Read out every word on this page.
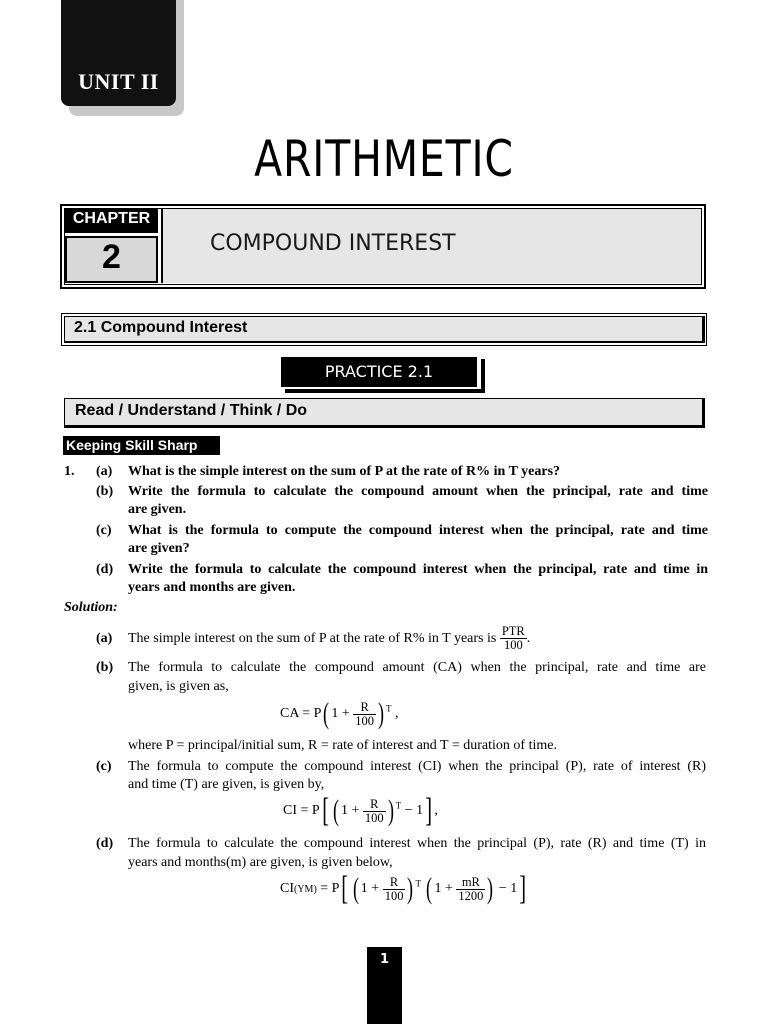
UNIT II
ARITHMETIC
CHAPTER
2	COMPOUND INTEREST
2.1 Compound Interest
PRACTICE 2.1
Read / Understand / Think / Do
Keeping Skill Sharp
1. (a) What is the simple interest on the sum of P at the rate of R% in T years?
(b) Write the formula to calculate the compound amount when the principal, rate and time
are given.
(c) What is the formula to compute the compound interest when the principal, rate and time
are given?
(d) Write the formula to calculate the compound interest when the principal, rate and time in
years and months are given.
Solution:
(a) The simple interest on the sum of P at the rate of R% in T years is $\frac{\text{PTR}}{100}$ .
(b) The formula to calculate the compound amount (CA) when the principal, rate and time are
given, is given as,
CA = P( $1 + \frac{R}{100}$ ) $^T$ ,
where P = principal/initial sum, R = rate of interest and T = duration of time.
(c) The formula to compute the compound interest (CI) when the principal (P), rate of interest (R)
and time (T) are given, is given by,
CI = P[ ( $1 + \frac{R}{100}$ ) $^T$ − 1] ,
(d) The formula to calculate the compound interest when the principal (P), rate (R) and time (T) in
years and months(m) are given, is given below,
CI(YM) = P[ ( $1 + \frac{R}{100}$ ) $^T$ ( $1 + \frac{mR}{1200}$ ) − 1]
1
